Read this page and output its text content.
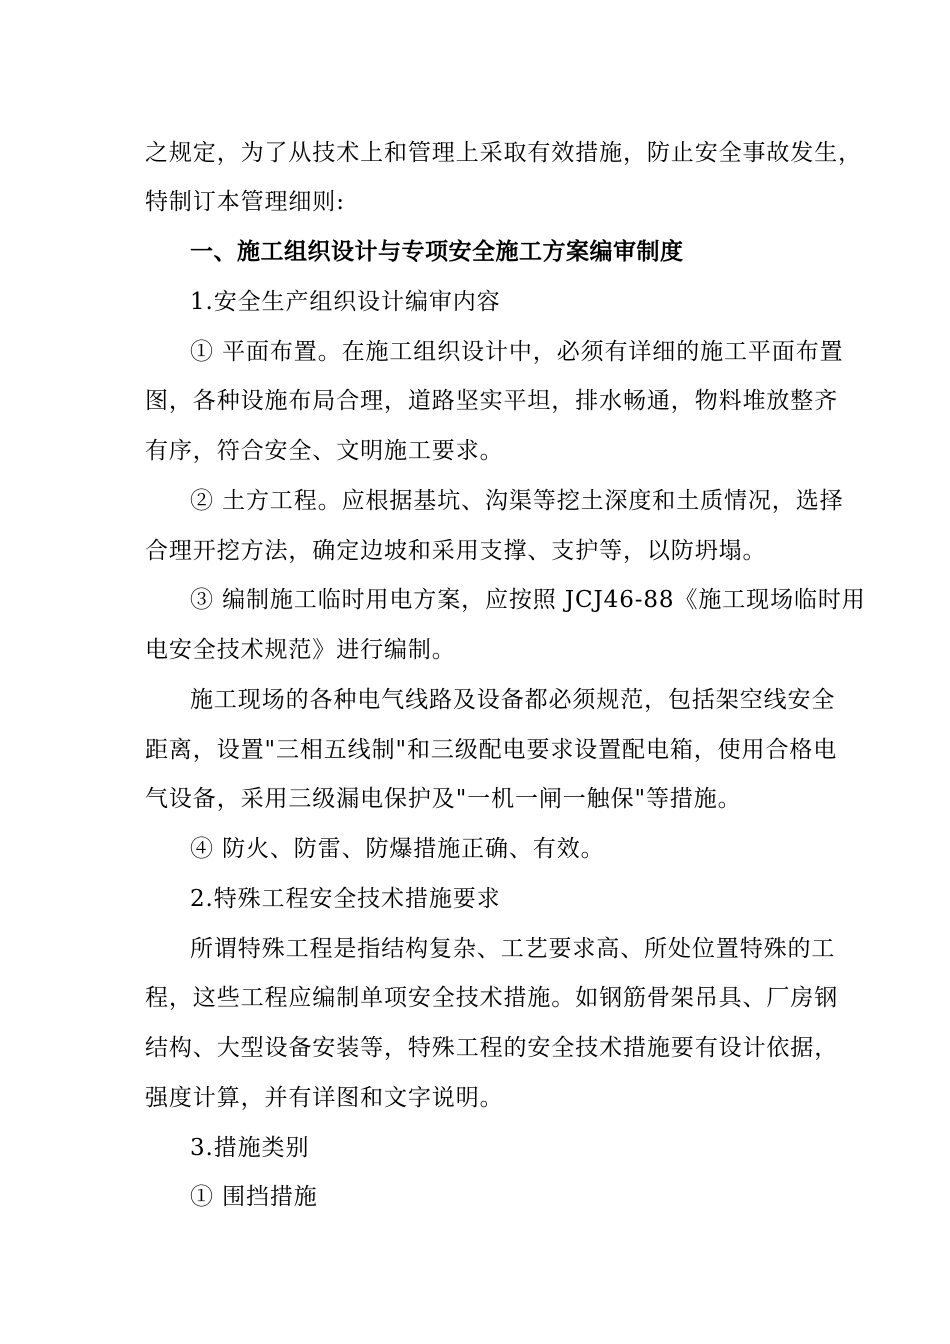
之规定，为了从技术上和管理上采取有效措施，防止安全事故发生，
特制订本管理细则:
一、施工组织设计与专项安全施工方案编审制度
1.安全生产组织设计编审内容
① 平面布置。在施工组织设计中，必须有详细的施工平面布置
图，各种设施布局合理，道路坚实平坦，排水畅通，物料堆放整齐
有序，符合安全、文明施工要求。
② 土方工程。应根据基坑、沟渠等挖土深度和土质情况，选择
合理开挖方法，确定边坡和采用支撑、支护等，以防坍塌。
③ 编制施工临时用电方案，应按照 JCJ46-88《施工现场临时用
电安全技术规范》进行编制。
施工现场的各种电气线路及设备都必须规范，包括架空线安全
距离，设置"三相五线制"和三级配电要求设置配电箱，使用合格电
气设备，采用三级漏电保护及"一机一闸一触保"等措施。
④ 防火、防雷、防爆措施正确、有效。
2.特殊工程安全技术措施要求
所谓特殊工程是指结构复杂、工艺要求高、所处位置特殊的工
程，这些工程应编制单项安全技术措施。如钢筋骨架吊具、厂房钢
结构、大型设备安装等，特殊工程的安全技术措施要有设计依据，
强度计算，并有详图和文字说明。
3.措施类别
① 围挡措施
